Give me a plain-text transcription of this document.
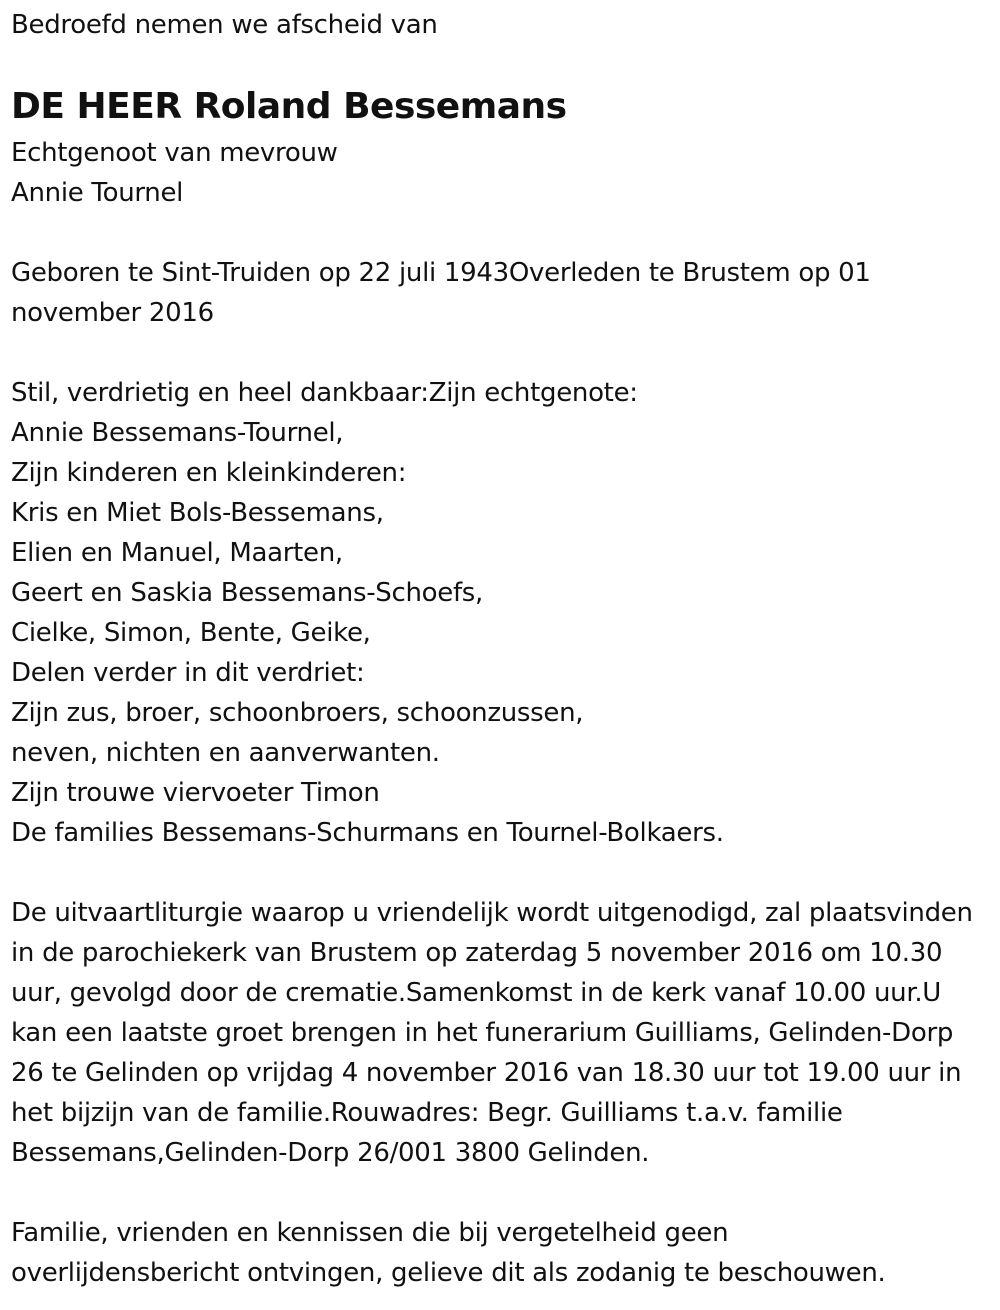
Bedroefd nemen we afscheid van

DE HEER Roland Bessemans
Echtgenoot van mevrouw
Annie Tournel
Geboren te Sint-Truiden op 22 juli 1943Overleden te Brustem op 01 november 2016
Stil, verdrietig en heel dankbaar:Zijn echtgenote:
Annie Bessemans-Tournel,
Zijn kinderen en kleinkinderen:
Kris en Miet Bols-Bessemans,
Elien en Manuel, Maarten,
Geert en Saskia Bessemans-Schoefs,
Cielke, Simon, Bente, Geike,
Delen verder in dit verdriet:
Zijn zus, broer, schoonbroers, schoonzussen,
neven, nichten en aanverwanten.
Zijn trouwe viervoeter Timon
De families Bessemans-Schurmans en Tournel-Bolkaers.
De uitvaartliturgie waarop u vriendelijk wordt uitgenodigd, zal plaatsvinden in de parochiekerk van Brustem op zaterdag 5 november 2016 om 10.30 uur, gevolgd door de crematie.Samenkomst in de kerk vanaf 10.00 uur.U kan een laatste groet brengen in het funerarium Guilliams, Gelinden-Dorp 26 te Gelinden op vrijdag 4 november 2016 van 18.30 uur tot 19.00 uur in het bijzijn van de familie.Rouwadres: Begr. Guilliams t.a.v. familie Bessemans,Gelinden-Dorp 26/001 3800 Gelinden.
Familie, vrienden en kennissen die bij vergetelheid geen overlijdensbericht ontvingen, gelieve dit als zodanig te beschouwen.
